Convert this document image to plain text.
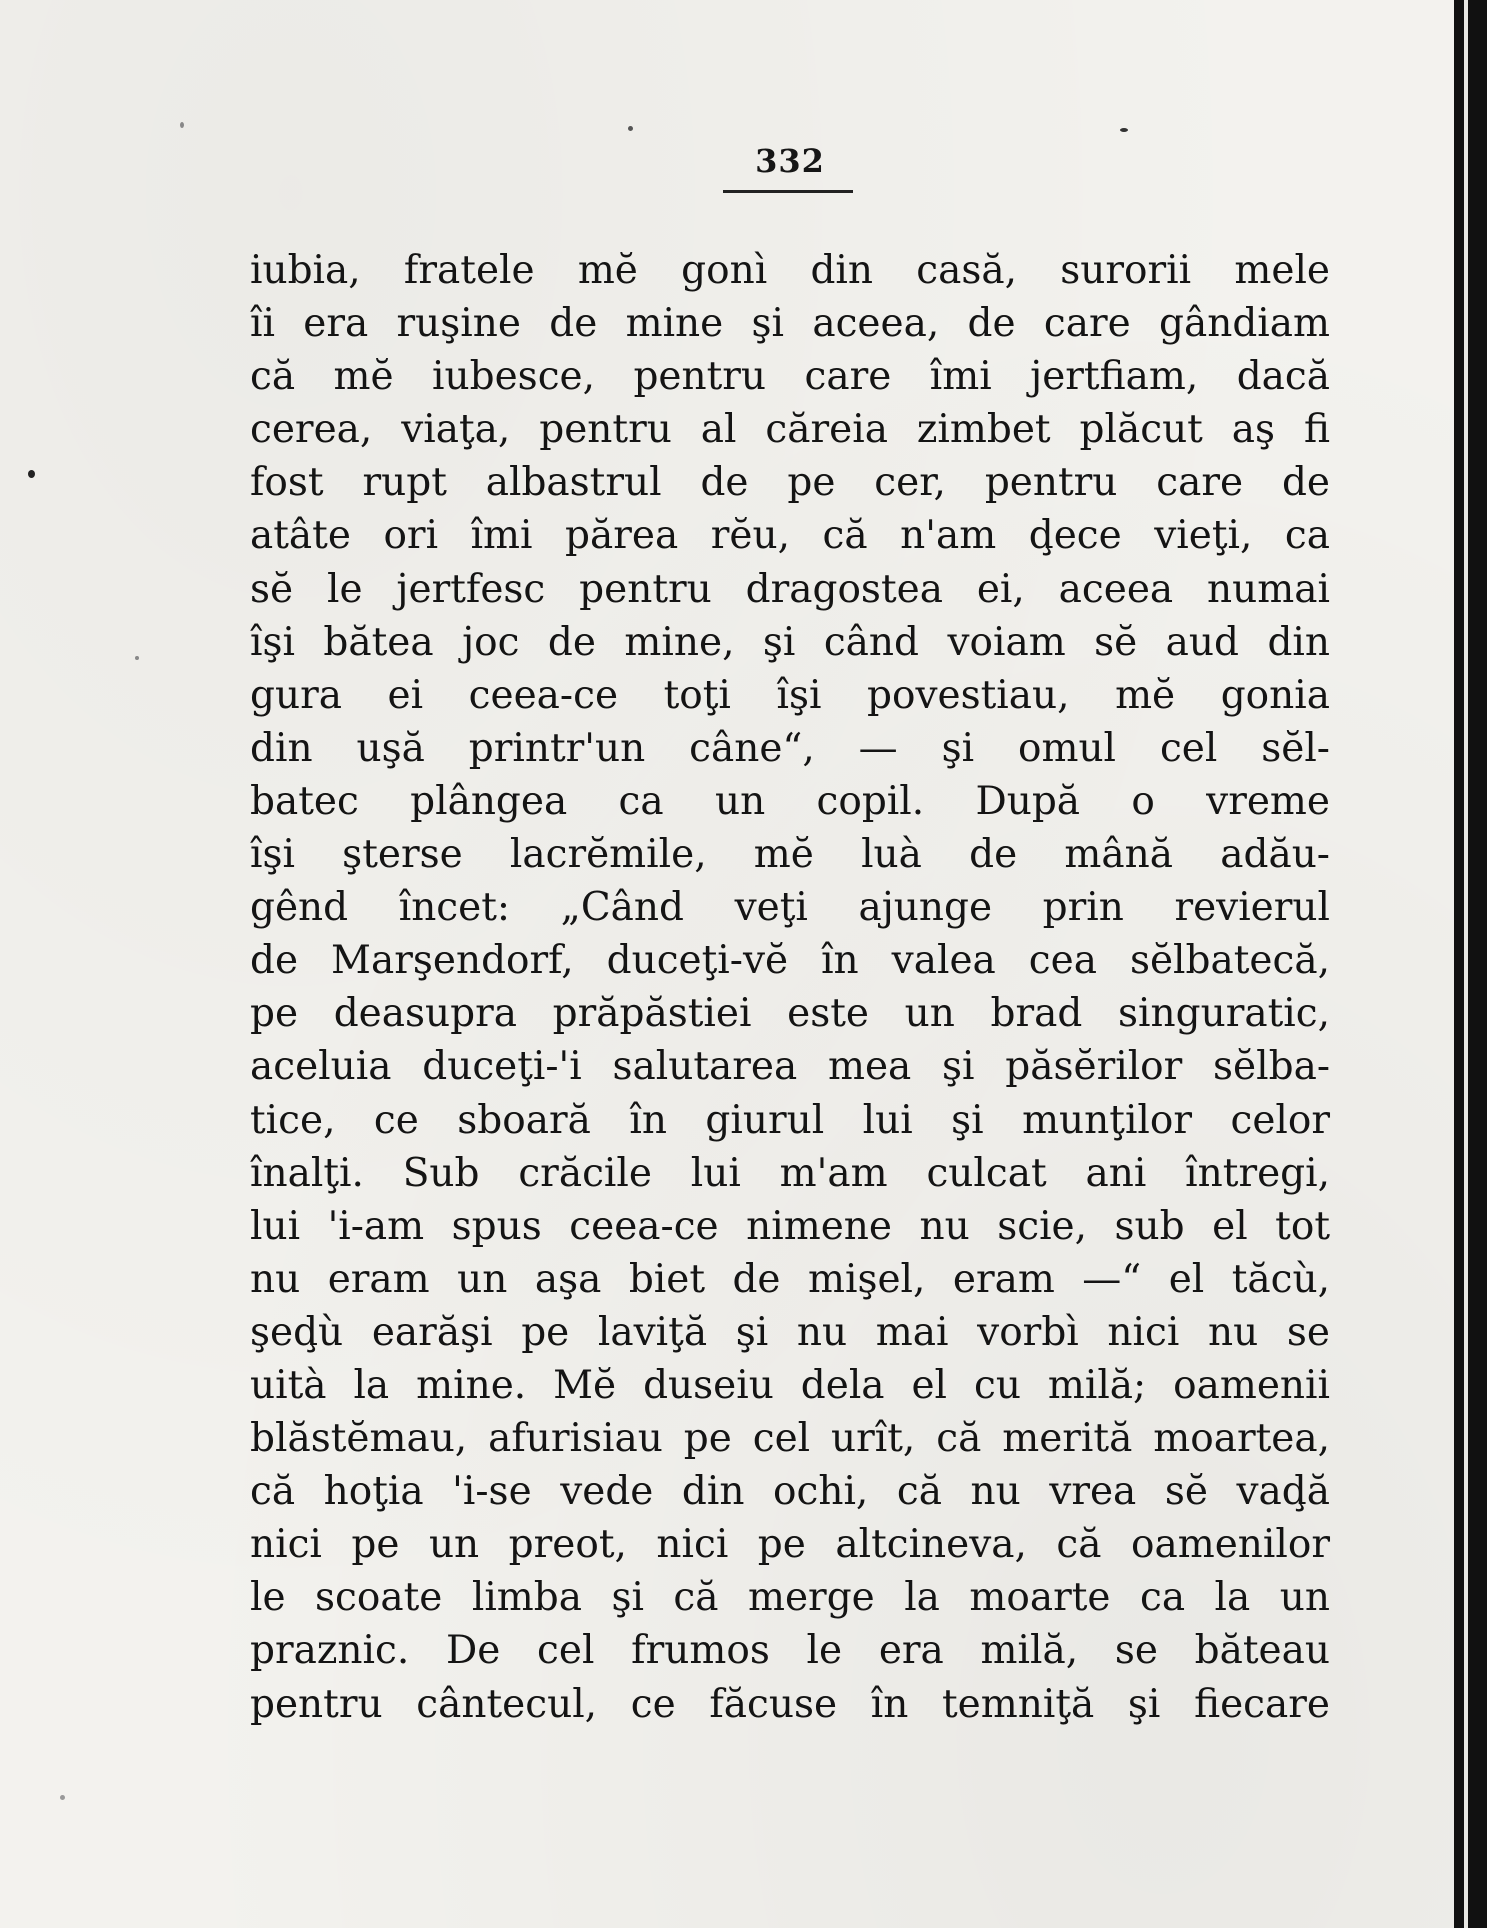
332
iubia, fratele mĕ gonì din casă, surorii mele
îi era ruşine de mine şi aceea, de care gândiam
că mĕ iubesce, pentru care îmi jertfiam, dacă
cerea, viaţa, pentru al căreia zimbet plăcut aş fi
fost rupt albastrul de pe cer, pentru care de
atâte ori îmi părea rĕu, că n'am ḑece vieţi, ca
sĕ le jertfesc pentru dragostea ei, aceea numai
îşi bătea joc de mine, şi când voiam sĕ aud din
gura ei ceea-ce toţi îşi povestiau, mĕ gonia
din uşă printr'un câne“, — şi omul cel sĕl-
batec plângea ca un copil. După o vreme
îşi şterse lacrĕmile, mĕ luà de mână adău-
gênd încet: „Când veţi ajunge prin revierul
de Marşendorf, duceţi-vĕ în valea cea sĕlbatecă,
pe deasupra prăpăstiei este un brad singuratic,
aceluia duceţi-'i salutarea mea şi păsĕrilor sĕlba-
tice, ce sboară în giurul lui şi munţilor celor
înalţi. Sub crăcile lui m'am culcat ani întregi,
lui 'i-am spus ceea-ce nimene nu scie, sub el tot
nu eram un aşa biet de mişel, eram —“ el tăcù,
şeḑù earăşi pe laviţă şi nu mai vorbì nici nu se
uità la mine. Mĕ duseiu dela el cu milă; oamenii
blăstĕmau, afurisiau pe cel urît, că merită moartea,
că hoţia 'i-se vede din ochi, că nu vrea sĕ vaḑă
nici pe un preot, nici pe altcineva, că oamenilor
le scoate limba şi că merge la moarte ca la un
praznic. De cel frumos le era milă, se băteau
pentru cântecul, ce făcuse în temniţă şi fiecare
